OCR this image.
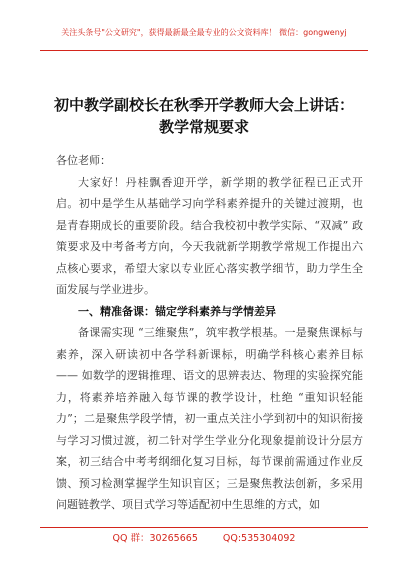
关注头条号"公文研究"，获得最新最全最专业的公文资料库！ 微信：gongwenyj
初中教学副校长在秋季开学教师大会上讲话：
教学常规要求

各位老师：

大家好！丹桂飘香迎开学，新学期的教学征程已正式开启。初中是学生从基础学习向学科素养提升的关键过渡期，也是青春期成长的重要阶段。结合我校初中教学实际、“双减” 政策要求及中考备考方向，今天我就新学期教学常规工作提出六点核心要求，希望大家以专业匠心落实教学细节，助力学生全面发展与学业进步。

一、精准备课：锚定学科素养与学情差异

备课需实现 “三维聚焦”，筑牢教学根基。一是聚焦课标与素养，深入研读初中各学科新课标，明确学科核心素养目标 —— 如数学的逻辑推理、语文的思辨表达、物理的实验探究能力，将素养培养融入每节课的教学设计，杜绝 “重知识轻能力”；二是聚焦学段学情，初一重点关注小学到初中的知识衔接与学习习惯过渡，初二针对学生学业分化现象提前设计分层方案，初三结合中考考纲细化复习目标，每节课前需通过作业反馈、预习检测掌握学生知识盲区；三是聚焦教法创新，多采用问题链教学、项目式学习等适配初中生思维的方式，如

QQ 群：30265665	QQ:535304092
